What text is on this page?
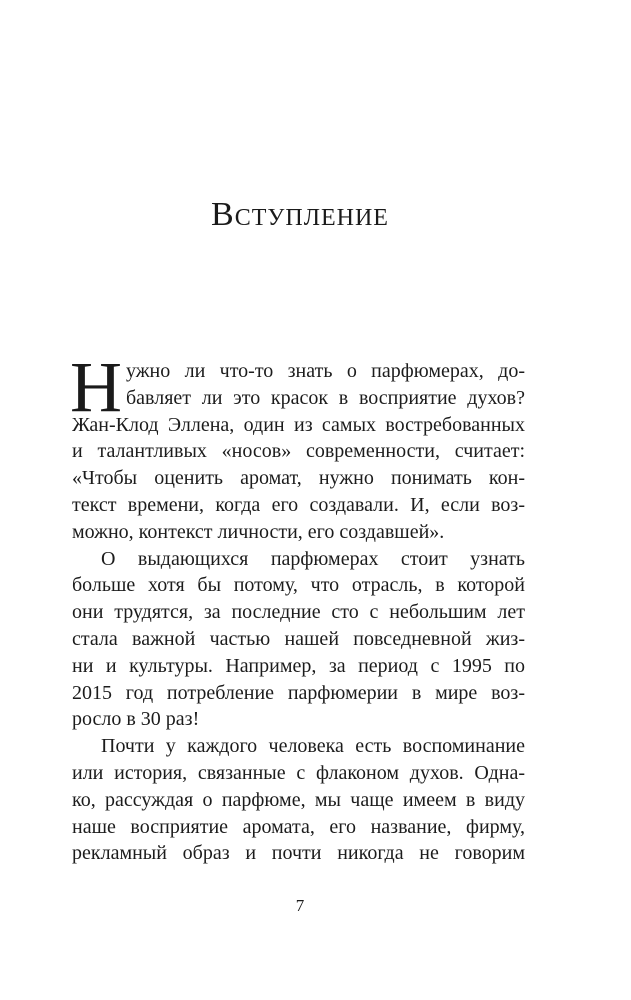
Вступление
Н ужно ли что-то знать о парфюмерах, до-
бавляет ли это красок в восприятие духов?
Жан-Клод Эллена, один из самых востребованных
и талантливых «носов» современности, считает:
«Чтобы оценить аромат, нужно понимать кон-
текст времени, когда его создавали. И, если воз-
можно, контекст личности, его создавшей».
О выдающихся парфюмерах стоит узнать
больше хотя бы потому, что отрасль, в которой
они трудятся, за последние сто с небольшим лет
стала важной частью нашей повседневной жиз-
ни и культуры. Например, за период с 1995 по
2015 год потребление парфюмерии в мире воз-
росло в 30 раз!
Почти у каждого человека есть воспоминание
или история, связанные с флаконом духов. Одна-
ко, рассуждая о парфюме, мы чаще имеем в виду
наше восприятие аромата, его название, фирму,
рекламный образ и почти никогда не говорим
7
